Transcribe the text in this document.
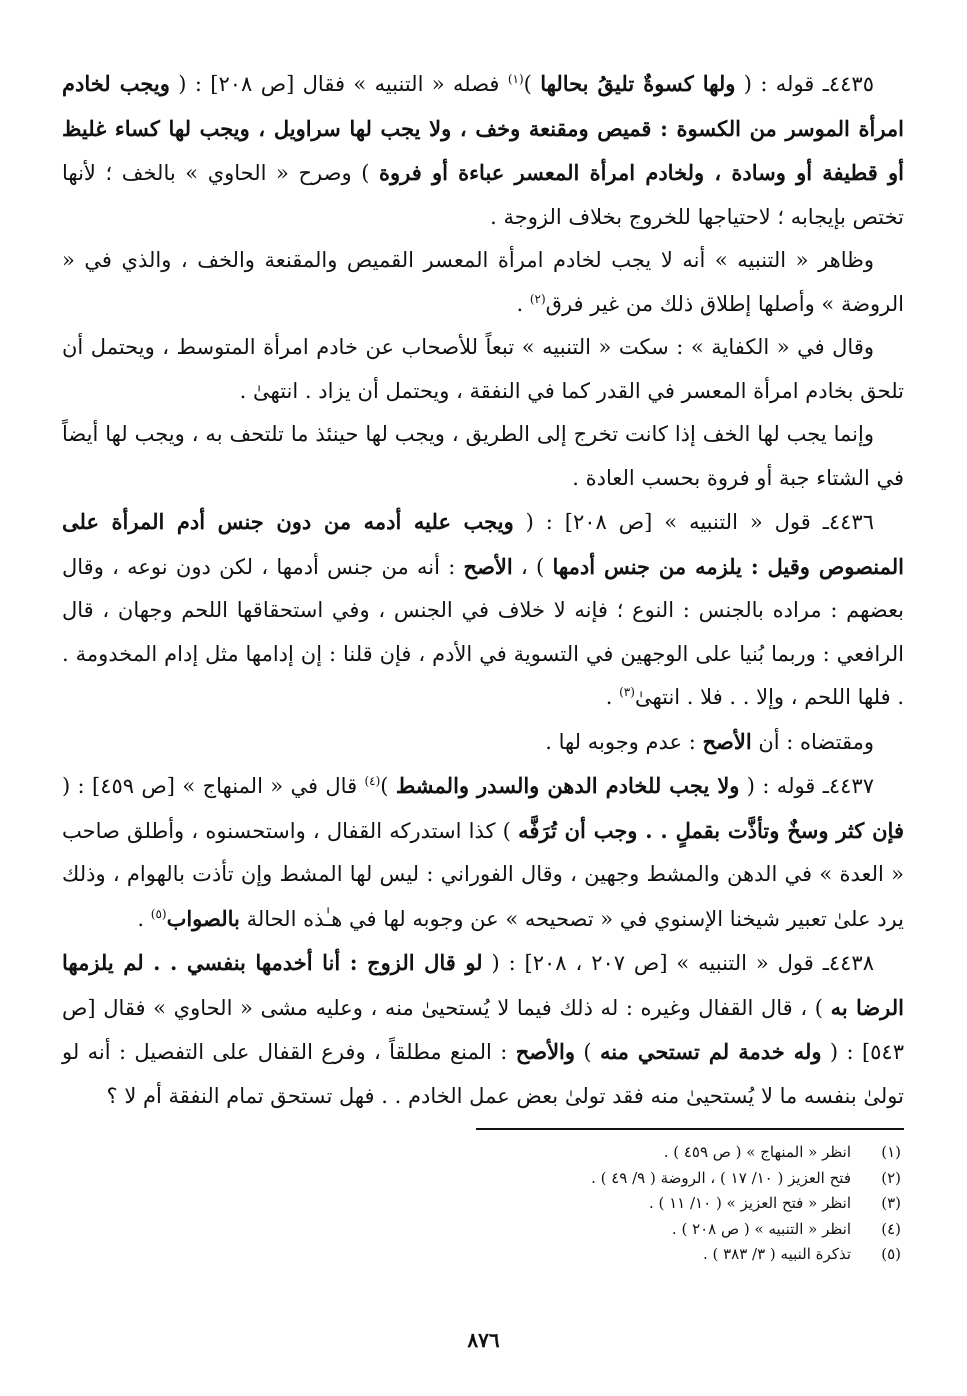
٤٤٣٥ـ قوله : ( ولها كسوةٌ تليقُ بحالها )$^{(١)}$ فصله « التنبيه » فقال [ص ٢٠٨] : ( ويجب لخادم امرأة الموسر من الكسوة : قميص ومقنعة وخف ، ولا يجب لها سراويل ، ويجب لها كساء غليظ أو قطيفة أو وسادة ، ولخادم امرأة المعسر عباءة أو فروة ) وصرح « الحاوي » بالخف ؛ لأنها تختص بإيجابه ؛ لاحتياجها للخروج بخلاف الزوجة .

وظاهر « التنبيه » أنه لا يجب لخادم امرأة المعسر القميص والمقنعة والخف ، والذي في « الروضة » وأصلها إطلاق ذلك من غير فرق$^{(٢)}$ .

وقال في « الكفاية » : سكت « التنبيه » تبعاً للأصحاب عن خادم امرأة المتوسط ، ويحتمل أن تلحق بخادم امرأة المعسر في القدر كما في النفقة ، ويحتمل أن يزاد . انتهىٰ .

وإنما يجب لها الخف إذا كانت تخرج إلى الطريق ، ويجب لها حينئذ ما تلتحف به ، ويجب لها أيضاً في الشتاء جبة أو فروة بحسب العادة .

٤٤٣٦ـ قول « التنبيه » [ص ٢٠٨] : ( ويجب عليه أدمه من دون جنس أدم المرأة على المنصوص وقيل : يلزمه من جنس أدمها ) ، الأصح : أنه من جنس أدمها ، لكن دون نوعه ، وقال بعضهم : مراده بالجنس : النوع ؛ فإنه لا خلاف في الجنس ، وفي استحقاقها اللحم وجهان ، قال الرافعي : وربما بُنيا على الوجهين في التسوية في الأدم ، فإن قلنا : إن إدامها مثل إدام المخدومة . . فلها اللحم ، وإلا . . فلا . انتهىٰ$^{(٣)}$ .

ومقتضاه : أن الأصح : عدم وجوبه لها .

٤٤٣٧ـ قوله : ( ولا يجب للخادم الدهن والسدر والمشط )$^{(٤)}$ قال في « المنهاج » [ص ٤٥٩] : ( فإن كثر وسخٌ وتأذَّت بقملٍ . . وجب أن تُرَفَّه ) كذا استدركه القفال ، واستحسنوه ، وأطلق صاحب « العدة » في الدهن والمشط وجهين ، وقال الفوراني : ليس لها المشط وإن تأذت بالهوام ، وذلك يرد علىٰ تعبير شيخنا الإسنوي في « تصحيحه » عن وجوبه لها في هـٰذه الحالة بالصواب$^{(٥)}$ .

٤٤٣٨ـ قول « التنبيه » [ص ٢٠٧ ، ٢٠٨] : ( لو قال الزوج : أنا أخدمها بنفسي . . لم يلزمها الرضا به ) ، قال القفال وغيره : له ذلك فيما لا يُستحيىٰ منه ، وعليه مشى « الحاوي » فقال [ص ٥٤٣] : ( وله خدمة لم تستحي منه ) والأصح : المنع مطلقاً ، وفرع القفال على التفصيل : أنه لو تولىٰ بنفسه ما لا يُستحيىٰ منه فقد تولىٰ بعض عمل الخادم . . فهل تستحق تمام النفقة أم لا ؟

(١)
انظر « المنهاج » ( ص ٤٥٩ ) .
(٢)
فتح العزيز ( ١٠/ ١٧ ) ، الروضة ( ٩/ ٤٩ ) .
(٣)
انظر « فتح العزيز » ( ١٠/ ١١ ) .
(٤)
انظر « التنبيه » ( ص ٢٠٨ ) .
(٥)
تذكرة النبيه ( ٣/ ٣٨٣ ) .
٨٧٦
